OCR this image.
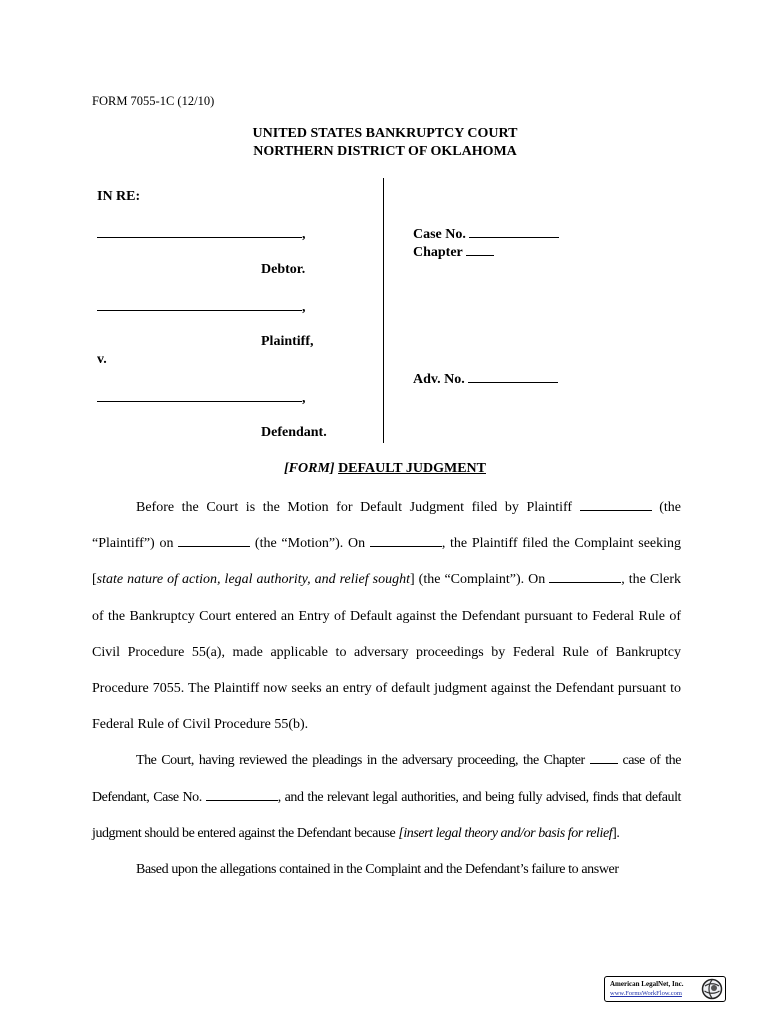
FORM 7055-1C (12/10)
UNITED STATES BANKRUPTCY COURT
NORTHERN DISTRICT OF OKLAHOMA
IN RE:
,
Debtor.
,
Plaintiff,
v.
,
Defendant.
Case No.
Chapter
Adv. No.
[FORM] DEFAULT JUDGMENT

Before the Court is the Motion for Default Judgment filed by Plaintiff	(the “Plaintiff”) on	(the “Motion”). On	, the Plaintiff filed the Complaint seeking [state nature of action, legal authority, and relief sought] (the “Complaint”). On	, the Clerk of the Bankruptcy Court entered an Entry of Default against the Defendant pursuant to Federal Rule of Civil Procedure 55(a), made applicable to adversary proceedings by Federal Rule of Bankruptcy Procedure 7055. The Plaintiff now seeks an entry of default judgment against the Defendant pursuant to Federal Rule of Civil Procedure 55(b).

The Court, having reviewed the pleadings in the adversary proceeding, the Chapter	case of the Defendant, Case No.	, and the relevant legal authorities, and being fully advised, finds that default judgment should be entered against the Defendant because [insert legal theory and/or basis for relief].

Based upon the allegations contained in the Complaint and the Defendant’s failure to answer

American LegalNet, Inc.
www.FormsWorkFlow.com
